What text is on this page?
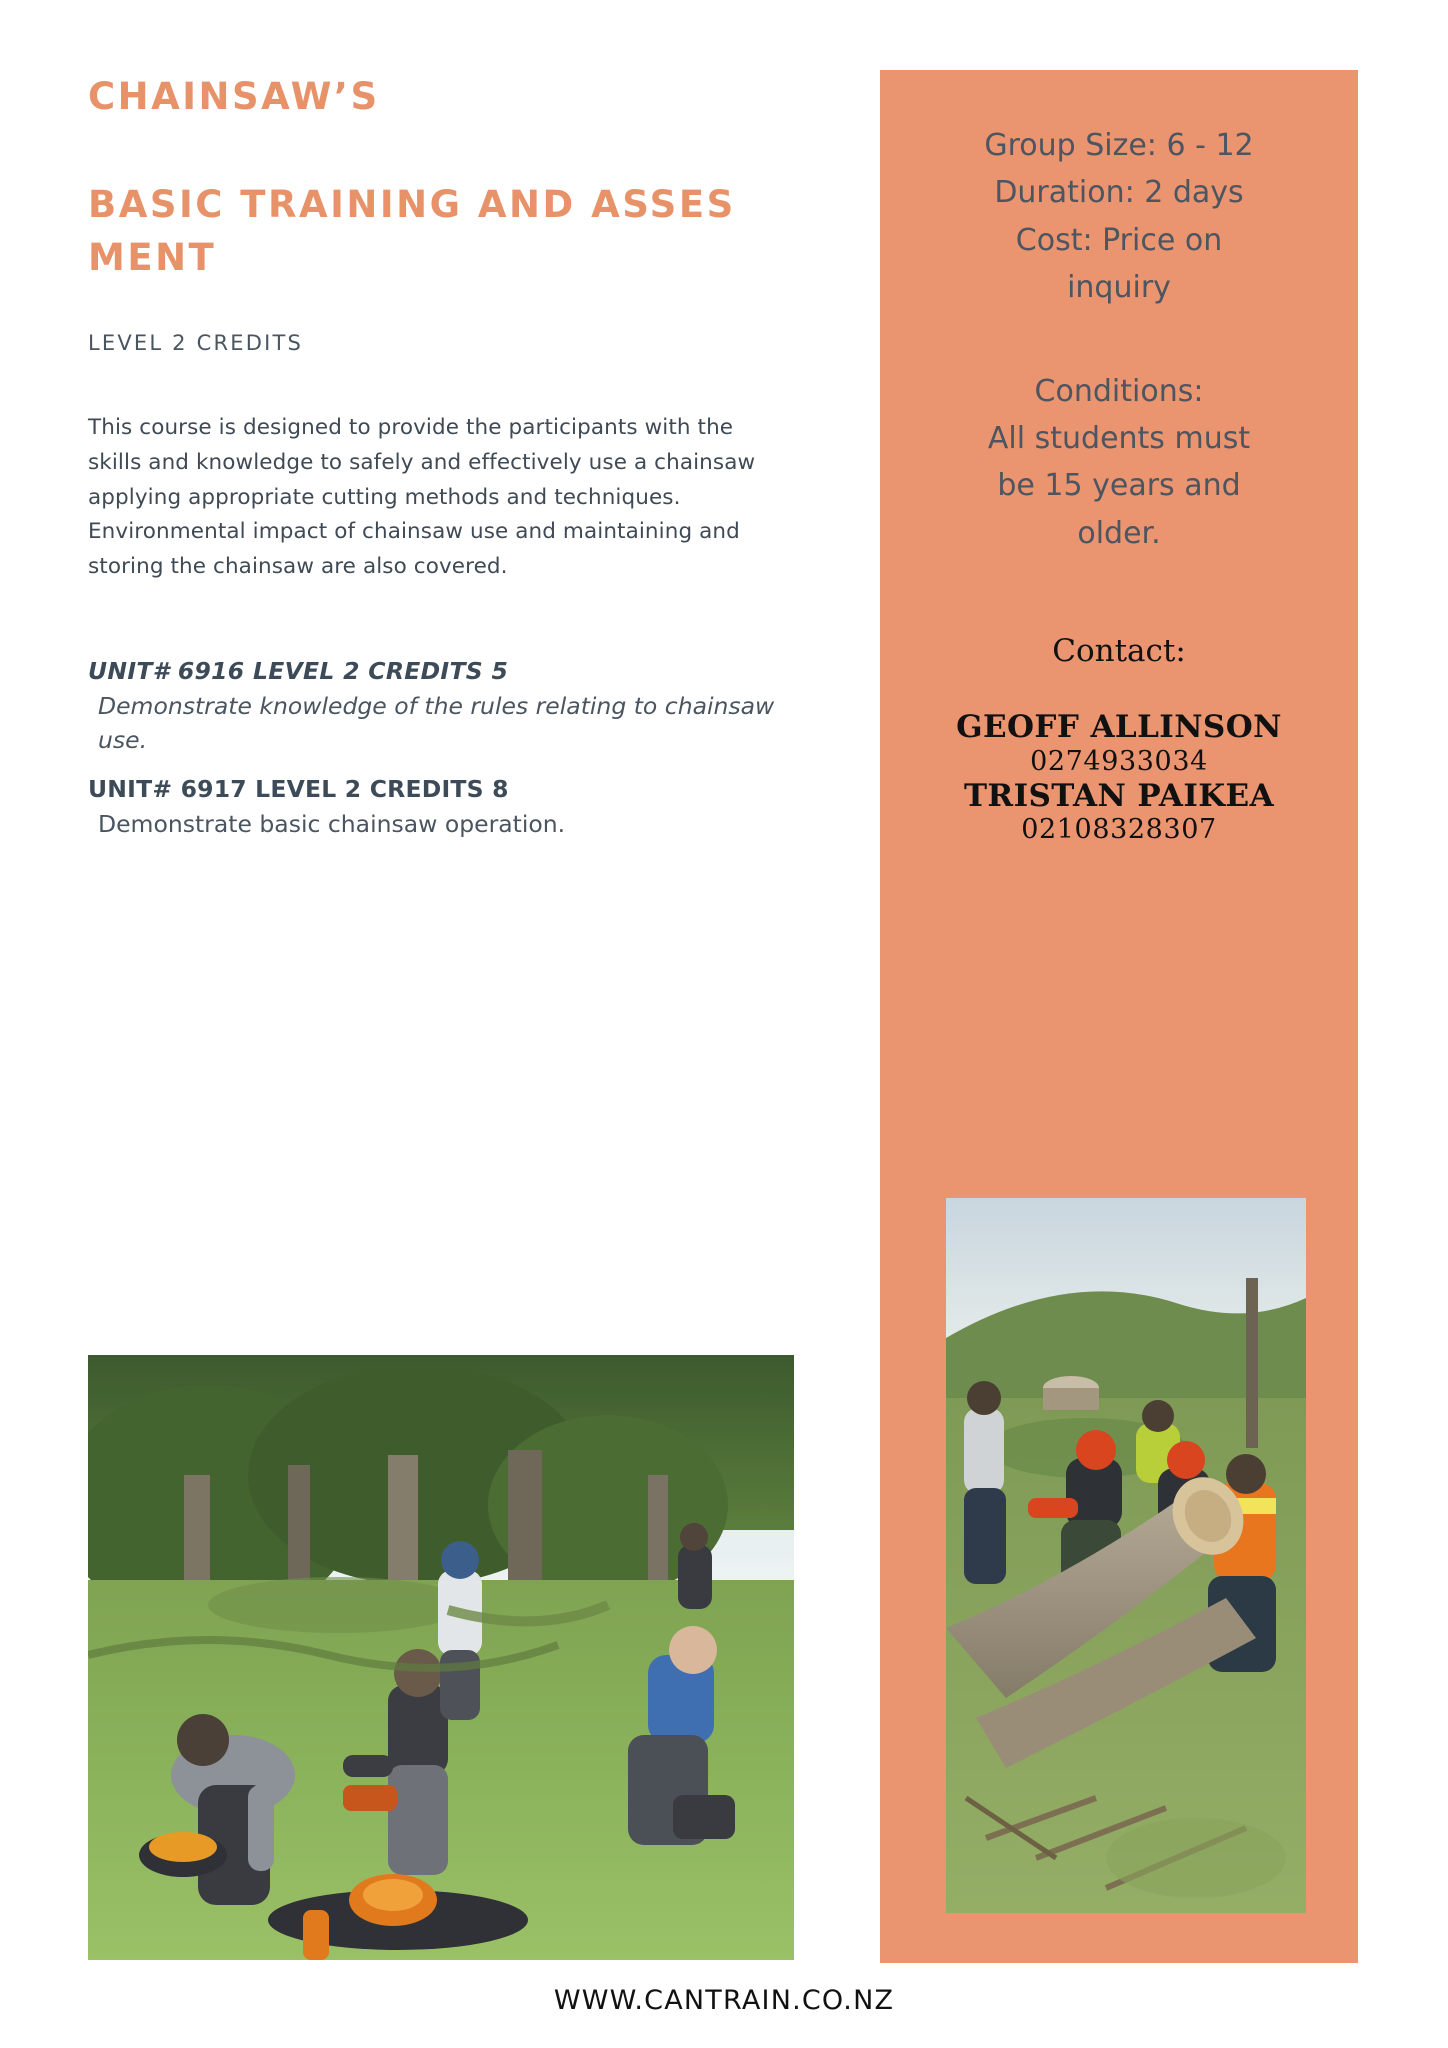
CHAINSAW’S
BASIC TRAINING AND ASSES MENT
LEVEL 2 CREDITS
This course is designed to provide the participants with the skills and knowledge to safely and effectively use a chainsaw applying appropriate cutting methods and techniques. Environmental impact of chainsaw use and maintaining and storing the chainsaw are also covered.
UNIT# 6916 LEVEL 2 CREDITS 5
Demonstrate knowledge of the rules relating to chainsaw use.
UNIT# 6917 LEVEL 2 CREDITS 8
Demonstrate basic chainsaw operation.
Group Size: 6 - 12
Duration: 2 days
Cost: Price on
inquiry
Conditions:
All students must
be 15 years and
older.
Contact:
GEOFF ALLINSON
0274933034
TRISTAN PAIKEA
02108328307
WWW.CANTRAIN.CO.NZ
